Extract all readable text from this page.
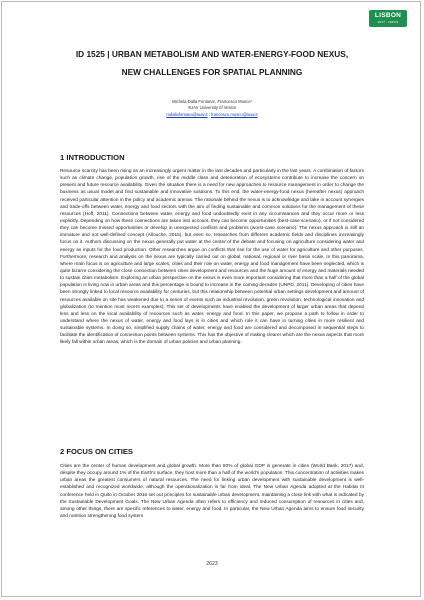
LISBON
2017 · ISPUS
ID 1525 | URBAN METABOLISM AND WATER-ENERGY-FOOD NEXUS,
NEW CHALLENGES FOR SPATIAL PLANNING
Michela Dalla Fontana¹, Francesco Musco¹
¹IUAV University of Venice
mdallafontana@iuav.it ; francesco.musco@iuav.it
1 INTRODUCTION
Resource scarcity has been rising as an increasingly urgent matter in the last decades and particularly in the last years. A combination of factors such as climate change, population growth, rise of the middle class and deterioration of ecosystems contribute to increase the concern on present and future resource availability. Given the situation there is a need for new approaches to resource management in order to change the business as usual model and find sustainable and innovative solutions. To this end, the water-energy-food nexus (hereafter nexus) approach received particular attention in the policy and academic arenas. The rationale behind the nexus is to acknowledge and take in account synergies and trade-offs between water, energy and food sectors with the aim of finding sustainable and common solutions for the management of these resources (Hoff, 2011). Connections between water, energy and food undoubtedly exist in any circumstances and they occur more or less explicitly. Depending on how these connections are taken into account, they can become opportunities (best-case scenario), or if not considered they can become missed opportunities or develop in unexpected conflicts and problems (worst-case scenario). The nexus approach is still an immature and not well-defined concept (Allouche, 2015), but even so, researches from different academic fields and disciplines increasingly focus on it. Authors discussing on the nexus generally put water at the center of the debate and focusing on agriculture considering water and energy as inputs for the food production. Other researches argue on conflicts that rise for the use of water for agriculture and other purposes. Furthermore, research and analysis on the nexus are typically carried out on global, national, regional or river basin scale. In this panorama, where main focus is on agriculture and large scales, cities and their role on water, energy and food management have been neglected, which is quite bizarre considering the close connection between cities development and resources and the huge amount of energy and materials needed to sustain cities metabolism. Exploring an urban perspective on the nexus is even more important considering that more than a half of the global population is living now in urban areas and this percentage is bound to increase in the coming decades (UNPD, 2011). Developing of cities have been strongly linked to local resource availability for centuries, but this relationship between potential urban settings development and amount of resources available on site has weakened due to a series of events such as industrial revolution, green revolution, technological innovation and globalization (to mention most recent examples). This set of developments have enabled the development of larger urban areas that depend less and less on the local availability of resources such as water, energy and food. In this paper, we propose a path to follow in order to understand where the nexus of water, energy and food lays is in cities and which role it can have in turning cities in more resilient and sustainable systems. In doing so, simplified supply chains of water, energy and food are considered and decomposed in sequential steps to facilitate the identification of connection points between systems. This has the objective of making clearer which are the nexus aspects that more likely fall within urban areas, which is the domain of urban policies and urban planning.
2 FOCUS ON CITIES
Cities are the center of human development and global growth. More than 80% of global GDP is generate in cities (World Bank, 2017) and, despite they occupy around 1% of the Earth's surface, they host more than a half of the world's population. This concentration of activities makes urban areas the greatest consumers of natural resources. The need for linking urban development with sustainable development is well-established and recognized worldwide, although the operationalization is far from ideal. The New Urban Agenda adopted at the Habitat III conference held in Quito in October 2016 set out principles for sustainable urban development, maintaining a close link with what is indicated by the Sustainable Development Goals. The New Urban Agenda often refers to efficiency and reduced consumption of resources in cities and, among other things, there are specific references to water, energy and food. In particular, the New Urban Agenda aims to ensure food security and nutrition strengthening food system
2623
